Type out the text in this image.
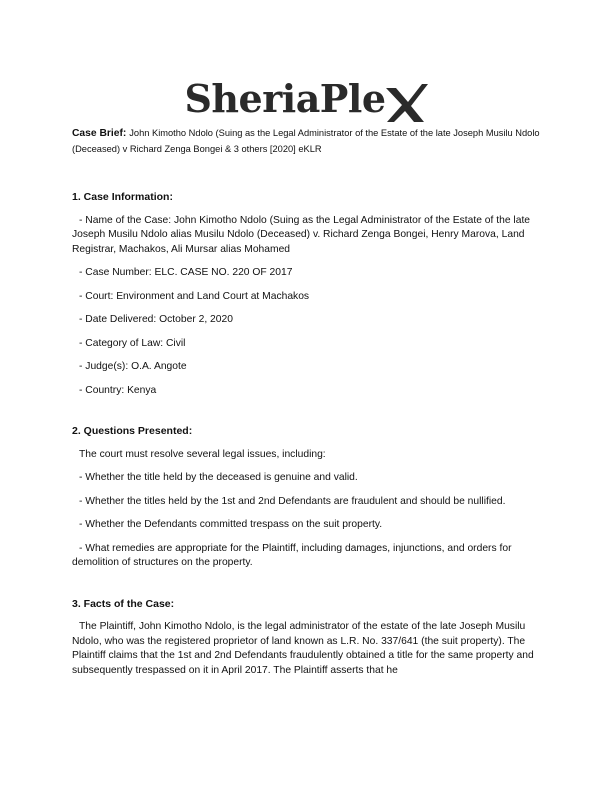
SheriaPle

Case Brief: John Kimotho Ndolo (Suing as the Legal Administrator of the Estate of the late Joseph Musilu Ndolo (Deceased) v Richard Zenga Bongei & 3 others [2020] eKLR

1. Case Information:

- Name of the Case: John Kimotho Ndolo (Suing as the Legal Administrator of the Estate of the late Joseph Musilu Ndolo alias Musilu Ndolo (Deceased) v. Richard Zenga Bongei, Henry Marova, Land Registrar, Machakos, Ali Mursar alias Mohamed

- Case Number: ELC. CASE NO. 220 OF 2017

- Court: Environment and Land Court at Machakos

- Date Delivered: October 2, 2020

- Category of Law: Civil

- Judge(s): O.A. Angote

- Country: Kenya

2. Questions Presented:

The court must resolve several legal issues, including:

- Whether the title held by the deceased is genuine and valid.

- Whether the titles held by the 1st and 2nd Defendants are fraudulent and should be nullified.

- Whether the Defendants committed trespass on the suit property.

- What remedies are appropriate for the Plaintiff, including damages, injunctions, and orders for demolition of structures on the property.

3. Facts of the Case:

The Plaintiff, John Kimotho Ndolo, is the legal administrator of the estate of the late Joseph Musilu Ndolo, who was the registered proprietor of land known as L.R. No. 337/641 (the suit property). The Plaintiff claims that the 1st and 2nd Defendants fraudulently obtained a title for the same property and subsequently trespassed on it in April 2017. The Plaintiff asserts that he
